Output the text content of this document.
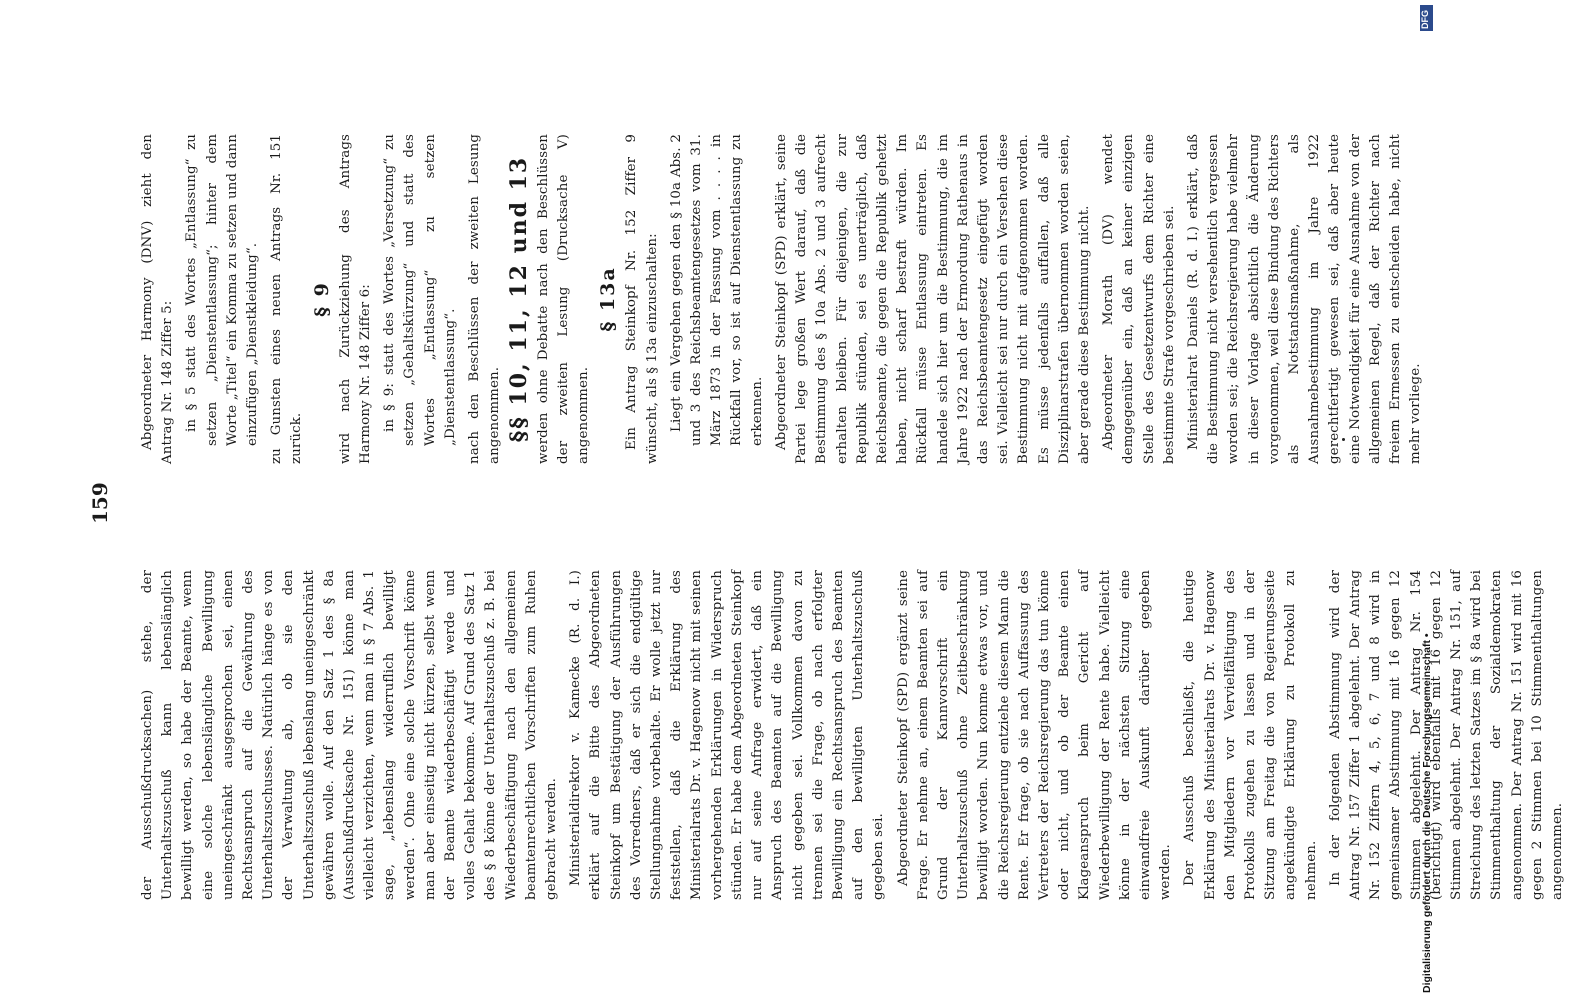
159

der Ausschußdrucksachen) stehe, der Unterhaltszuschuß kann lebenslänglich bewilligt werden, so habe der Beamte, wenn eine solche lebenslängliche Bewilligung uneingeschränkt ausgesprochen sei, einen Rechtsanspruch auf die Gewährung des Unterhaltszuschusses. Natürlich hänge es von der Verwaltung ab, ob sie den Unterhaltszuschuß lebenslang uneingeschränkt gewähren wolle. Auf den Satz 1 des § 8a (Ausschußdrucksache Nr. 151) könne man vielleicht verzichten, wenn man in § 7 Abs. 1 sage, „lebenslang widerruflich bewilligt werden“. Ohne eine solche Vorschrift könne man aber einseitig nicht kürzen, selbst wenn der Beamte wiederbeschäftigt werde und volles Gehalt bekomme. Auf Grund des Satz 1 des § 8 könne der Unterhaltszuschuß z. B. bei Wiederbeschäftigung nach den allgemeinen beamtenrechtlichen Vorschriften zum Ruhen gebracht werden. Ministerialdirektor v. Kamecke (R. d. I.) erklärt auf die Bitte des Abgeordneten Steinkopf um Bestätigung der Ausführungen des Vorredners, daß er sich die endgültige Stellungnahme vorbehalte. Er wolle jetzt nur feststellen, daß die Erklärung des Ministerialrats Dr. v. Hagenow nicht mit seinen vorhergehenden Erklärungen in Widerspruch stünden. Er habe dem Abgeordneten Steinkopf nur auf seine Anfrage erwidert, daß ein Anspruch des Beamten auf die Bewilligung nicht gegeben sei. Vollkommen davon zu trennen sei die Frage, ob nach erfolgter Bewilligung ein Rechtsanspruch des Beamten auf den bewilligten Unterhaltszuschuß gegeben sei. Abgeordneter Steinkopf (SPD) ergänzt seine Frage. Er nehme an, einem Beamten sei auf Grund der Kannvorschrift ein Unterhaltszuschuß ohne Zeitbeschränkung bewilligt worden. Nun komme etwas vor, und die Reichsregierung entziehe diesem Mann die Rente. Er frage, ob sie nach Auffassung des Vertreters der Reichsregierung das tun könne oder nicht, und ob der Beamte einen Klageanspruch beim Gericht auf Wiederbewilligung der Rente habe. Vielleicht könne in der nächsten Sitzung eine einwandfreie Auskunft darüber gegeben werden. Der Ausschuß beschließt, die heutige Erklärung des Ministerialrats Dr. v. Hagenow den Mitgliedern vor Vervielfältigung des Protokolls zugehen zu lassen und in der Sitzung am Freitag die von Regierungsseite angekündigte Erklärung zu Protokoll zu nehmen. In der folgenden Abstimmung wird der Antrag Nr. 157 Ziffer 1 abgelehnt. Der Antrag Nr. 152 Ziffern 4, 5, 6, 7 und 8 wird in gemeinsamer Abstimmung mit 16 gegen 12 Stimmen abgelehnt. Der Antrag Nr. 154 (berichtigt) wird ebenfalls mit 16 gegen 12 Stimmen abgelehnt. Der Antrag Nr. 151, auf Streichung des letzten Satzes im § 8a wird bei Stimmenthaltung der Sozialdemokraten angenommen. Der Antrag Nr. 151 wird mit 16 gegen 2 Stimmen bei 10 Stimmenthaltungen angenommen.

Abgeordneter Harmony (DNV) zieht den Antrag Nr. 148 Ziffer 5: in § 5 statt des Wortes „Entlassung“ zu setzen „Dienstentlassung“; hinter dem Worte „Titel“ ein Komma zu setzen und dann einzufügen „Dienstkleidung“. zu Gunsten eines neuen Antrags Nr. 151 zurück.

§ 9 wird nach Zurückziehung des Antrags Harmony Nr. 148 Ziffer 6: in § 9: statt des Wortes „Versetzung“ zu setzen „Gehaltskürzung“ und statt des Wortes „Entlassung“ zu setzen „Dienstentlassung“. nach den Beschlüssen der zweiten Lesung angenommen. §§ 10, 11, 12 und 13 werden ohne Debatte nach den Beschlüssen der zweiten Lesung (Drucksache V) angenommen.

§ 13a Ein Antrag Steinkopf Nr. 152 Ziffer 9 wünscht, als § 13a einzuschalten: Liegt ein Vergehen gegen den § 10a Abs. 2 und 3 des Reichsbeamtengesetzes vom 31. März 1873 in der Fassung vom . . . . in Rückfall vor, so ist auf Dienstentlassung zu erkennen. Abgeordneter Steinkopf (SPD) erklärt, seine Partei lege großen Wert darauf, daß die Bestimmung des § 10a Abs. 2 und 3 aufrecht erhalten bleiben. Für diejenigen, die zur Republik stünden, sei es unerträglich, daß Reichsbeamte, die gegen die Republik gehetzt haben, nicht scharf bestraft würden. Im Rückfall müsse Entlassung eintreten. Es handele sich hier um die Bestimmung, die im Jahre 1922 nach der Ermordung Rathenaus in das Reichsbeamtengesetz eingefügt worden sei. Vielleicht sei nur durch ein Versehen diese Bestimmung nicht mit aufgenommen worden. Es müsse jedenfalls auffallen, daß alle Disziplinarstrafen übernommen worden seien, aber gerade diese Bestimmung nicht. Abgeordneter Morath (DV) wendet demgegenüber ein, daß an keiner einzigen Stelle des Gesetzentwurfs dem Richter eine bestimmte Strafe vorgeschrieben sei. Ministerialrat Daniels (R. d. I.) erklärt, daß die Bestimmung nicht versehentlich vergessen worden sei; die Reichsregierung habe vielmehr in dieser Vorlage absichtlich die Änderung vorgenommen, weil diese Bindung des Richters als Notstandsmaßnahme, als Ausnahmebestimmung im Jahre 1922 gerechtfertigt gewesen sei, daß aber heute eine Notwendigkeit für eine Ausnahme von der allgemeinen Regel, daß der Richter nach freiem Ermessen zu entscheiden habe, nicht mehr vorliege.

Digitalisierung gefördert durch die Deutsche Forschungsgemeinschaft •
DFG
